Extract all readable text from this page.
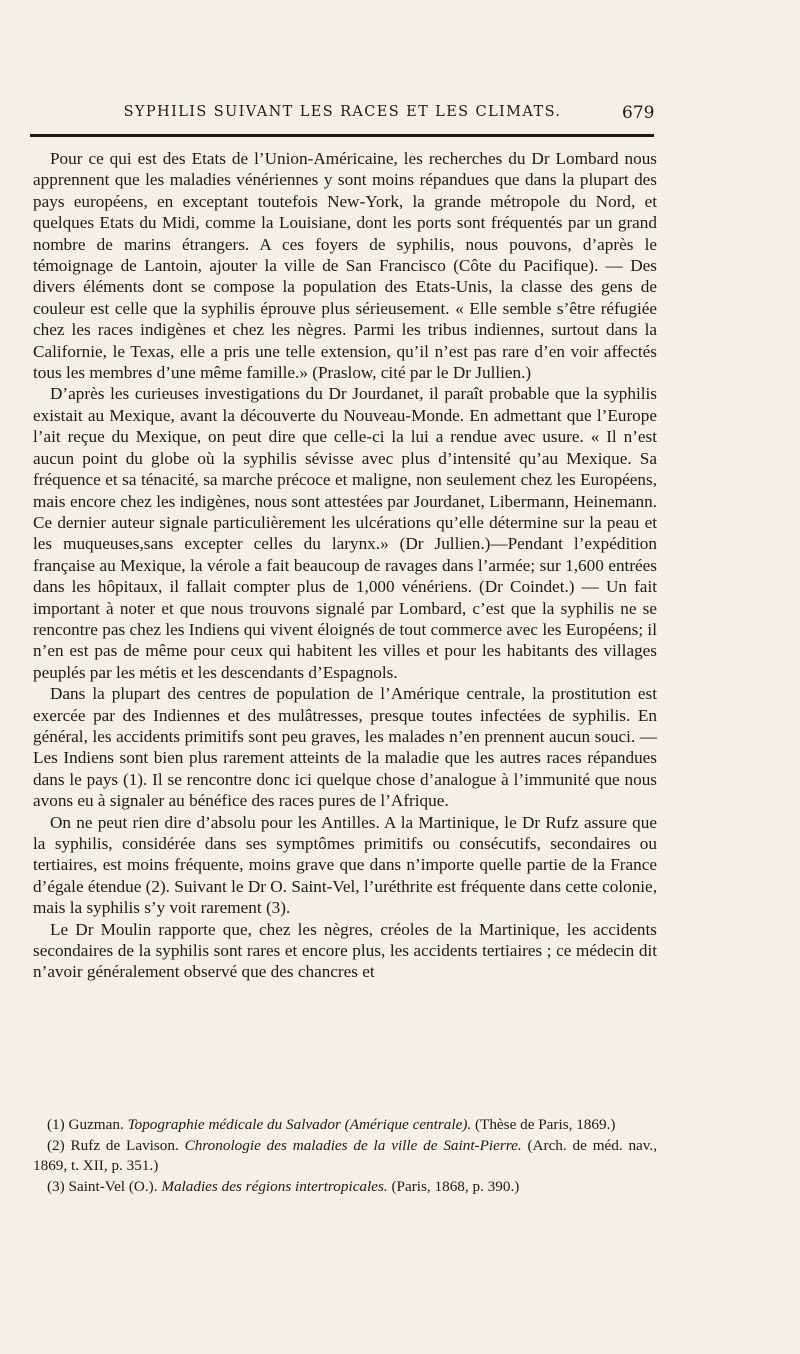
SYPHILIS SUIVANT LES RACES ET LES CLIMATS.	679

Pour ce qui est des Etats de l’Union-Américaine, les recherches du Dr Lombard nous apprennent que les maladies vénériennes y sont moins répandues que dans la plupart des pays européens, en exceptant toutefois New-York, la grande métropole du Nord, et quelques Etats du Midi, comme la Louisiane, dont les ports sont fréquentés par un grand nombre de marins étrangers. A ces foyers de syphilis, nous pouvons, d’après le témoignage de Lantoin, ajouter la ville de San Francisco (Côte du Pacifique). — Des divers éléments dont se compose la population des Etats-Unis, la classe des gens de couleur est celle que la syphilis éprouve plus sérieusement. « Elle semble s’être réfugiée chez les races indigènes et chez les nègres. Parmi les tribus indiennes, surtout dans la Californie, le Texas, elle a pris une telle extension, qu’il n’est pas rare d’en voir affectés tous les membres d’une même famille.» (Praslow, cité par le Dr Jullien.)

D’après les curieuses investigations du Dr Jourdanet, il paraît probable que la syphilis existait au Mexique, avant la découverte du Nouveau-Monde. En admettant que l’Europe l’ait reçue du Mexique, on peut dire que celle-ci la lui a rendue avec usure. « Il n’est aucun point du globe où la syphilis sévisse avec plus d’intensité qu’au Mexique. Sa fréquence et sa ténacité, sa marche précoce et maligne, non seulement chez les Européens, mais encore chez les indigènes, nous sont attestées par Jourdanet, Libermann, Heinemann. Ce dernier auteur signale particulièrement les ulcérations qu’elle détermine sur la peau et les muqueuses,sans excepter celles du larynx.» (Dr Jullien.)—Pendant l’expédition française au Mexique, la vérole a fait beaucoup de ravages dans l’armée; sur 1,600 entrées dans les hôpitaux, il fallait compter plus de 1,000 vénériens. (Dr Coindet.) — Un fait important à noter et que nous trouvons signalé par Lombard, c’est que la syphilis ne se rencontre pas chez les Indiens qui vivent éloignés de tout commerce avec les Européens; il n’en est pas de même pour ceux qui habitent les villes et pour les habitants des villages peuplés par les métis et les descendants d’Espagnols.

Dans la plupart des centres de population de l’Amérique centrale, la prostitution est exercée par des Indiennes et des mulâtresses, presque toutes infectées de syphilis. En général, les accidents primitifs sont peu graves, les malades n’en prennent aucun souci. — Les Indiens sont bien plus rarement atteints de la maladie que les autres races répandues dans le pays (1). Il se rencontre donc ici quelque chose d’analogue à l’immunité que nous avons eu à signaler au bénéfice des races pures de l’Afrique.

On ne peut rien dire d’absolu pour les Antilles. A la Martinique, le Dr Rufz assure que la syphilis, considérée dans ses symptômes primitifs ou consécutifs, secondaires ou tertiaires, est moins fréquente, moins grave que dans n’importe quelle partie de la France d’égale étendue (2). Suivant le Dr O. Saint-Vel, l’uréthrite est fréquente dans cette colonie, mais la syphilis s’y voit rarement (3).

Le Dr Moulin rapporte que, chez les nègres, créoles de la Martinique, les accidents secondaires de la syphilis sont rares et encore plus, les accidents tertiaires ; ce médecin dit n’avoir généralement observé que des chancres et

(1) Guzman. Topographie médicale du Salvador (Amérique centrale). (Thèse de Paris, 1869.)

(2) Rufz de Lavison. Chronologie des maladies de la ville de Saint-Pierre. (Arch. de méd. nav., 1869, t. XII, p. 351.)

(3) Saint-Vel (O.). Maladies des régions intertropicales. (Paris, 1868, p. 390.)
